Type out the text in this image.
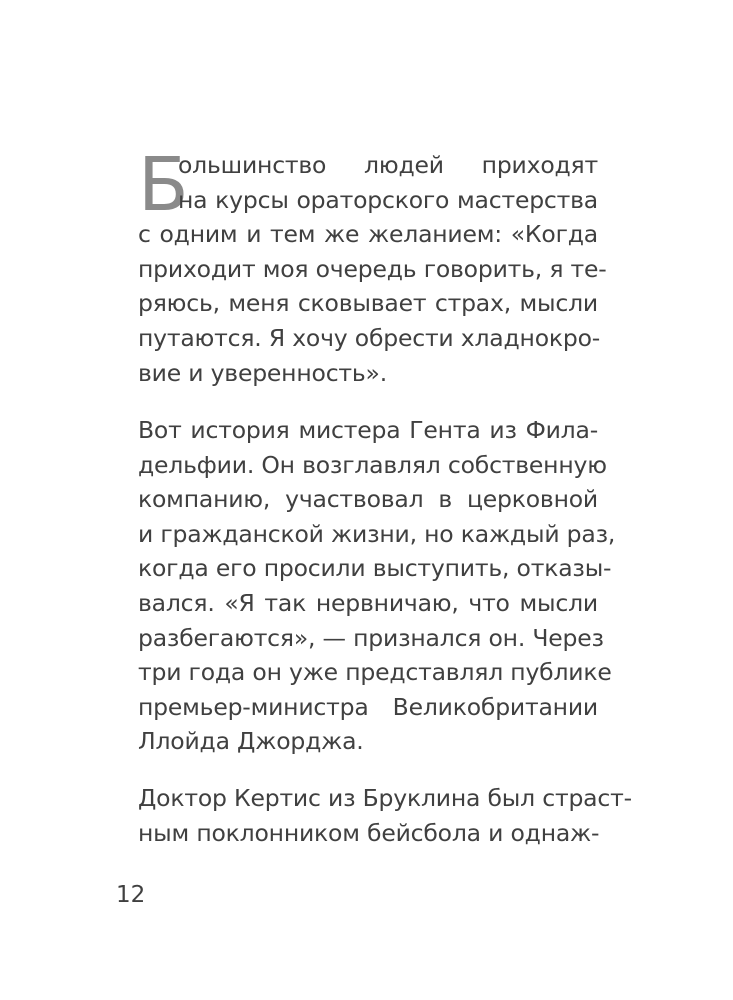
Б
ольшинство людей приходят
на курсы ораторского мастерства
с одним и тем же желанием: «Когда
приходит моя очередь говорить, я те-
ряюсь, меня сковывает страх, мысли
путаются. Я хочу обрести хладнокро-
вие и уверенность».
Вот история мистера Гента из Фила-
дельфии. Он возглавлял собственную
компанию, участвовал в церковной
и гражданской жизни, но каждый раз,
когда его просили выступить, отказы-
вался. «Я так нервничаю, что мысли
разбегаются», — признался он. Через
три года он уже представлял публике
премьер-министра Великобритании
Ллойда Джорджа.
Доктор Кертис из Бруклина был страст-
ным поклонником бейсбола и однаж-
12
